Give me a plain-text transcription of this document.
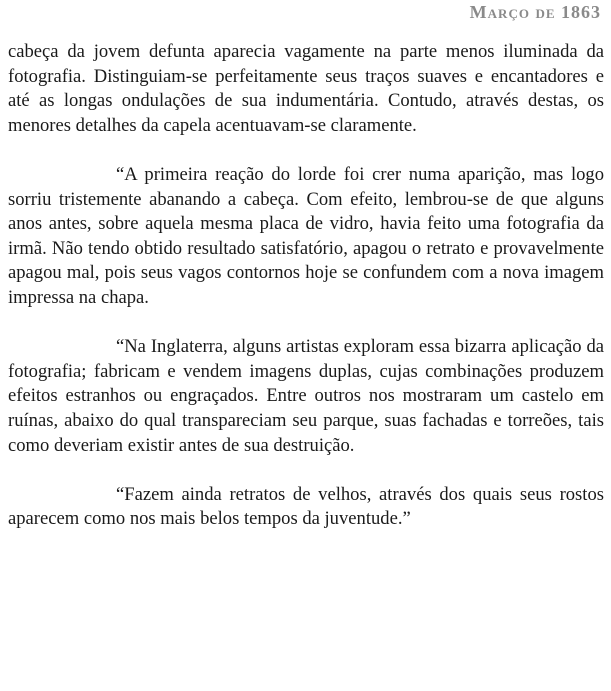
Março de 1863

cabeça da jovem defunta aparecia vagamente na parte menos iluminada da fotografia. Distinguiam-se perfeitamente seus traços suaves e encantadores e até as longas ondulações de sua indumentária. Contudo, através destas, os menores detalhes da capela acentuavam-se claramente.

“A primeira reação do lorde foi crer numa aparição, mas logo sorriu tristemente abanando a cabeça. Com efeito, lembrou-se de que alguns anos antes, sobre aquela mesma placa de vidro, havia feito uma fotografia da irmã. Não tendo obtido resultado satisfatório, apagou o retrato e provavelmente apagou mal, pois seus vagos contornos hoje se confundem com a nova imagem impressa na chapa.

“Na Inglaterra, alguns artistas exploram essa bizarra aplicação da fotografia; fabricam e vendem imagens duplas, cujas combinações produzem efeitos estranhos ou engraçados. Entre outros nos mostraram um castelo em ruínas, abaixo do qual transpareciam seu parque, suas fachadas e torreões, tais como deveriam existir antes de sua destruição.

“Fazem ainda retratos de velhos, através dos quais seus rostos aparecem como nos mais belos tempos da juventude.”
